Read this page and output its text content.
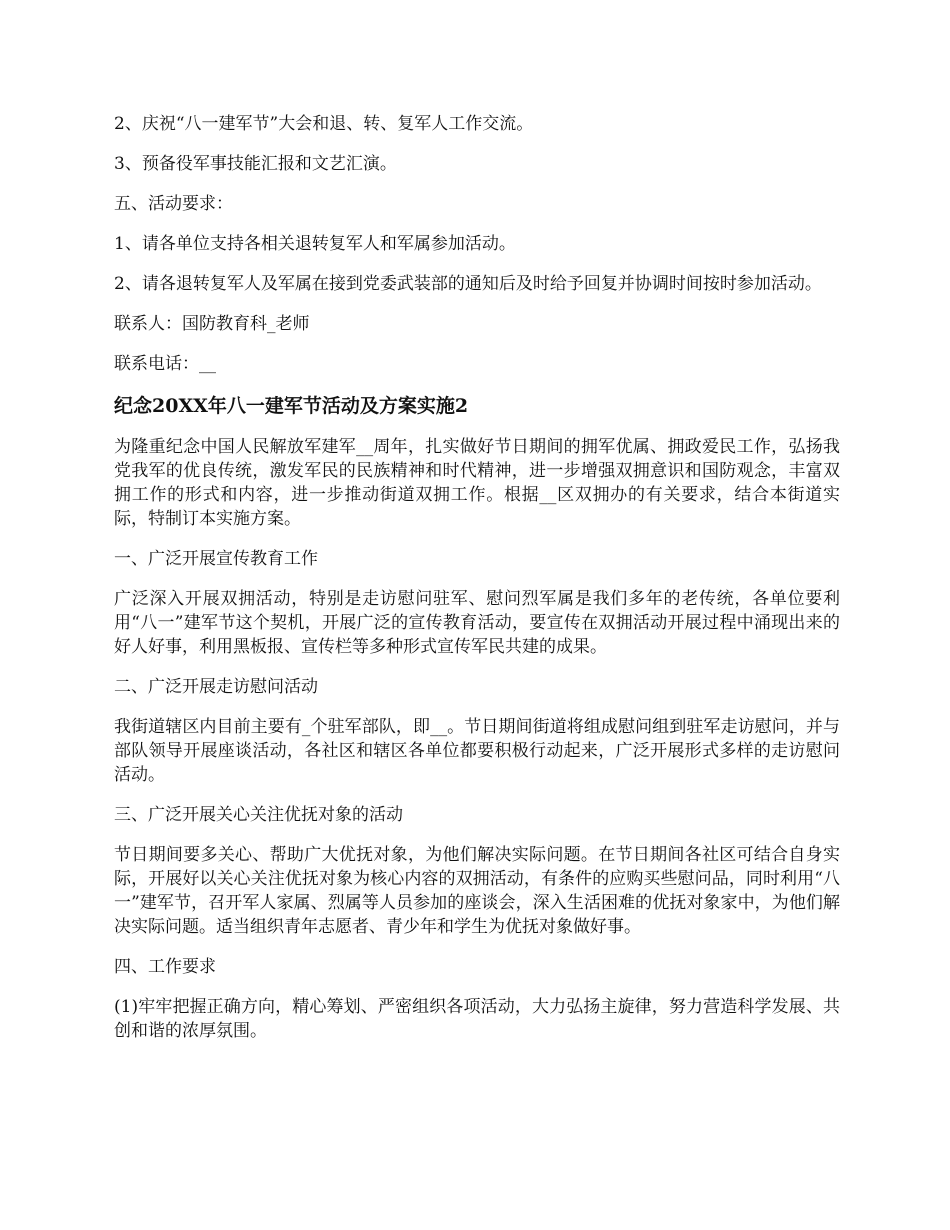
2、庆祝“八一建军节”大会和退、转、复军人工作交流。

3、预备役军事技能汇报和文艺汇演。

五、活动要求：

1、请各单位支持各相关退转复军人和军属参加活动。

2、请各退转复军人及军属在接到党委武装部的通知后及时给予回复并协调时间按时参加活动。

联系人：国防教育科_老师

联系电话：__

纪念20XX年八一建军节活动及方案实施2

为隆重纪念中国人民解放军建军__周年，扎实做好节日期间的拥军优属、拥政爱民工作，弘扬我党我军的优良传统，激发军民的民族精神和时代精神，进一步增强双拥意识和国防观念，丰富双拥工作的形式和内容，进一步推动街道双拥工作。根据__区双拥办的有关要求，结合本街道实际，特制订本实施方案。

一、广泛开展宣传教育工作

广泛深入开展双拥活动，特别是走访慰问驻军、慰问烈军属是我们多年的老传统，各单位要利用“八一”建军节这个契机，开展广泛的宣传教育活动，要宣传在双拥活动开展过程中涌现出来的好人好事，利用黑板报、宣传栏等多种形式宣传军民共建的成果。

二、广泛开展走访慰问活动

我街道辖区内目前主要有_个驻军部队，即__。节日期间街道将组成慰问组到驻军走访慰问，并与部队领导开展座谈活动，各社区和辖区各单位都要积极行动起来，广泛开展形式多样的走访慰问活动。

三、广泛开展关心关注优抚对象的活动

节日期间要多关心、帮助广大优抚对象，为他们解决实际问题。在节日期间各社区可结合自身实际，开展好以关心关注优抚对象为核心内容的双拥活动，有条件的应购买些慰问品，同时利用“八一”建军节，召开军人家属、烈属等人员参加的座谈会，深入生活困难的优抚对象家中，为他们解决实际问题。适当组织青年志愿者、青少年和学生为优抚对象做好事。

四、工作要求

(1)牢牢把握正确方向，精心筹划、严密组织各项活动，大力弘扬主旋律，努力营造科学发展、共创和谐的浓厚氛围。
